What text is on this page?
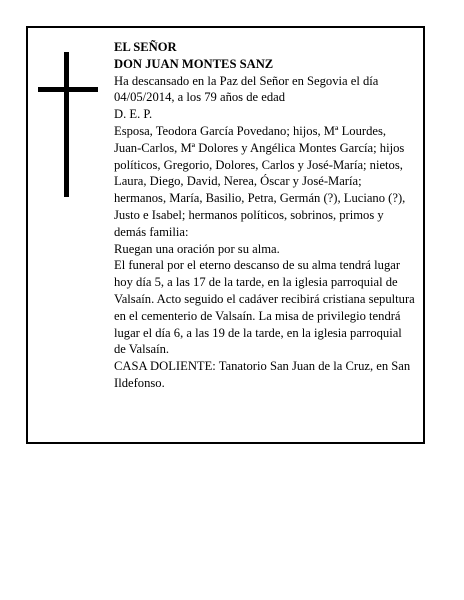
EL SEÑOR

DON JUAN MONTES SANZ

Ha descansado en la Paz del Señor en Segovia el día 04/05/2014, a los 79 años de edad

D. E. P.

Esposa, Teodora García Povedano; hijos, Mª Lourdes, Juan-Carlos, Mª Dolores y Angélica Montes García; hijos políticos, Gregorio, Dolores, Carlos y José-María; nietos, Laura, Diego, David, Nerea, Óscar y José-María; hermanos, María, Basilio, Petra, Germán (?), Luciano (?), Justo e Isabel; hermanos políticos, sobrinos, primos y demás familia:

Ruegan una oración por su alma.

El funeral por el eterno descanso de su alma tendrá lugar hoy día 5, a las 17 de la tarde, en la iglesia parroquial de Valsaín. Acto seguido el cadáver recibirá cristiana sepultura en el cementerio de Valsaín. La misa de privilegio tendrá lugar el día 6, a las 19 de la tarde, en la iglesia parroquial de Valsaín.

CASA DOLIENTE: Tanatorio San Juan de la Cruz, en San Ildefonso.
